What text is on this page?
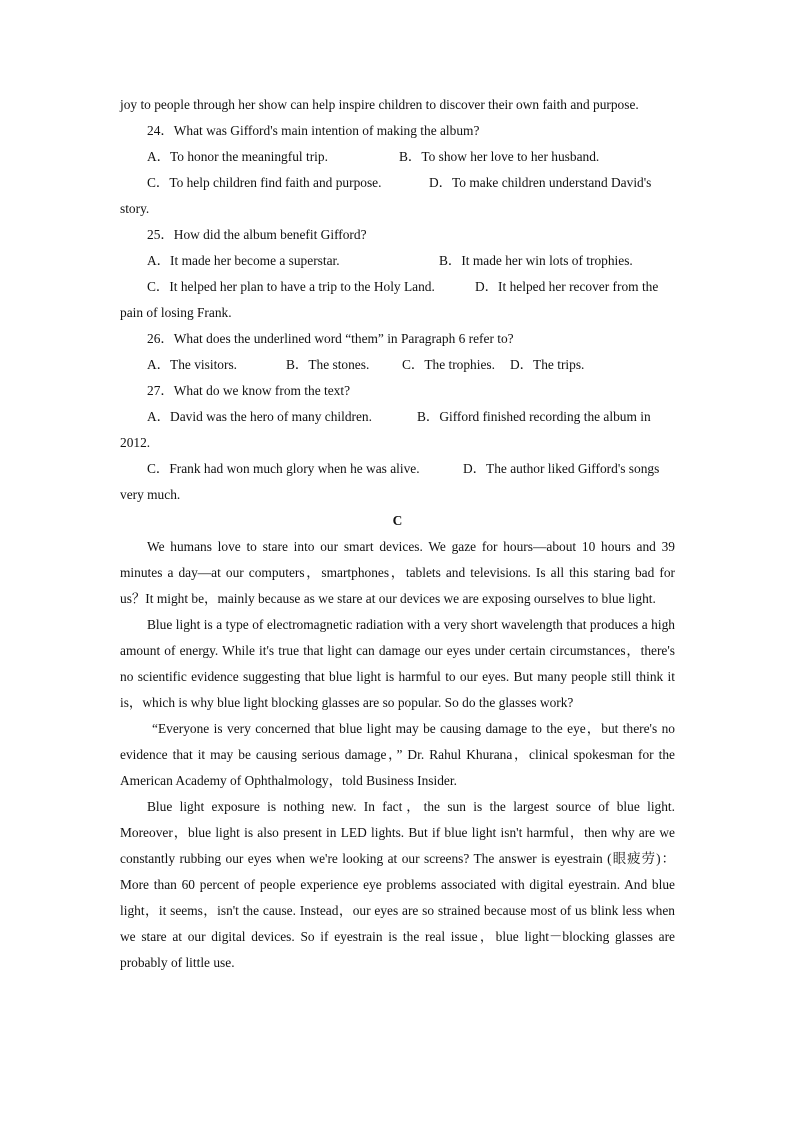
joy to people through her show can help inspire children to discover their own faith and purpose.
24．What was Gifford's main intention of making the album?
A．To honor the meaningful trip.	B．To show her love to her husband.
C．To help children find faith and purpose.	D．To make children understand David's
story.
25．How did the album benefit Gifford?
A．It made her become a superstar.	B．It made her win lots of trophies.
C．It helped her plan to have a trip to the Holy Land.	D．It helped her recover from the
pain of losing Frank.
26．What does the underlined word “them” in Paragraph 6 refer to?
A．The visitors.	B．The stones. C．The trophies. D．The trips.
27．What do we know from the text?
A．David was the hero of many children.	B．Gifford finished recording the album in
2012.
C．Frank had won much glory when he was alive.	D．The author liked Gifford's songs
very much.
C
We humans love to stare into our smart devices. We gaze for hours—about 10 hours and 39 minutes a day—at our computers，smartphones，tablets and televisions. Is all this staring bad for us？It might be，mainly because as we stare at our devices we are exposing ourselves to blue light.
Blue light is a type of electromagnetic radiation with a very short wavelength that produces a high amount of energy. While it's true that light can damage our eyes under certain circumstances，there's no scientific evidence suggesting that blue light is harmful to our eyes. But many people still think it is，which is why blue light blocking glasses are so popular. So do the glasses work?
“Everyone is very concerned that blue light may be causing damage to the eye，but there's no evidence that it may be causing serious damage，” Dr. Rahul Khurana，clinical spokesman for the American Academy of Ophthalmology，told Business Insider.
Blue light exposure is nothing new. In fact，the sun is the largest source of blue light. Moreover，blue light is also present in LED lights. But if blue light isn't harmful，then why are we constantly rubbing our eyes when we're looking at our screens? The answer is eyestrain (眼疲劳)：More than 60 percent of people experience eye problems associated with digital eyestrain. And blue light，it seems，isn't the cause. Instead，our eyes are so strained because most of us blink less when we stare at our digital devices. So if eyestrain is the real issue，blue light－blocking glasses are probably of little use.
